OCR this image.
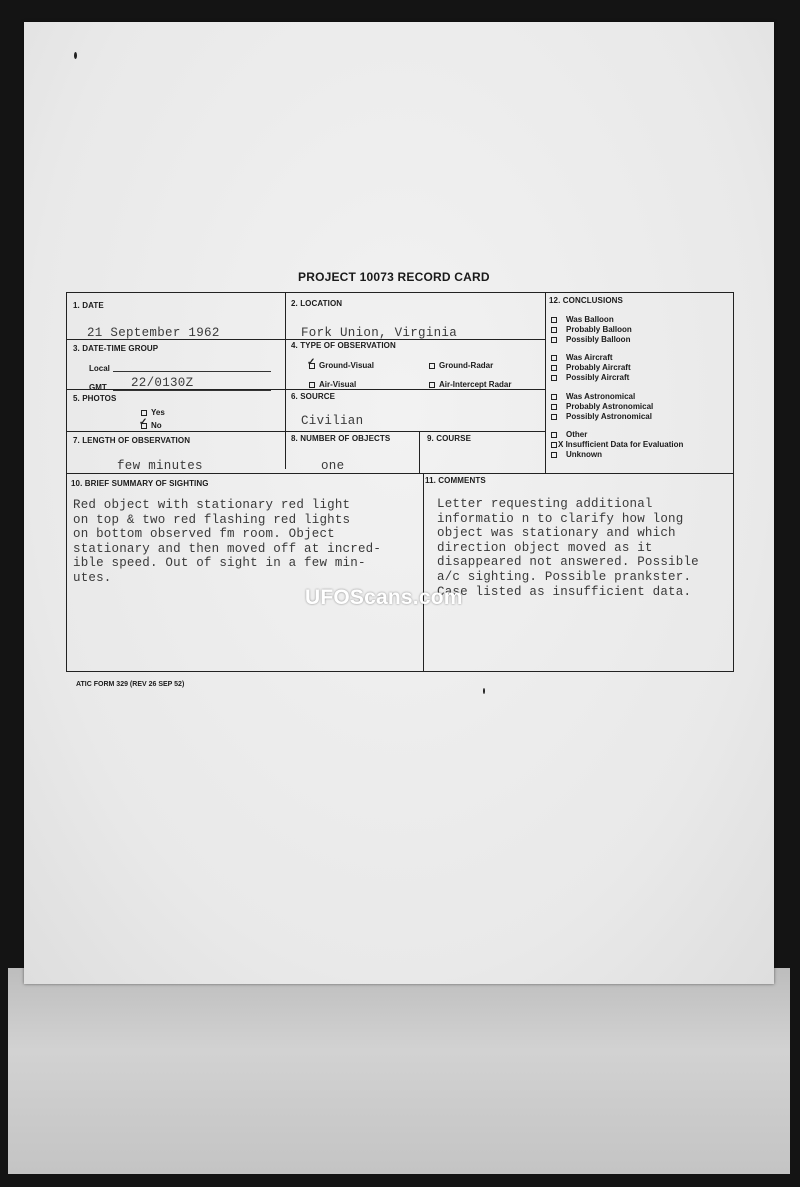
PROJECT 10073 RECORD CARD
1. DATE
21 September 1962
2. LOCATION
Fork Union, Virginia
3. DATE-TIME GROUP
Local
GMT 22/0130Z
4. TYPE OF OBSERVATION
Ground-Visual
✓	Ground-Radar
Air-Visual	Air-Intercept Radar
5. PHOTOS
Yes
No
✓
6. SOURCE
Civilian
7. LENGTH OF OBSERVATION
few minutes
8. NUMBER OF OBJECTS
one
9. COURSE
10. BRIEF SUMMARY OF SIGHTING
Red object with stationary red light
on top & two red flashing red lights
on bottom observed fm room. Object
stationary and then moved off at incred-
ible speed. Out of sight in a few min-
utes.
11. COMMENTS
Letter requesting additional
informatio n to clarify how long
object was stationary and which
direction object moved as it
disappeared not answered. Possible
a/c sighting. Possible prankster.
Case listed as insufficient data.
12. CONCLUSIONS
Was Balloon
Probably Balloon
Possibly Balloon
Was Aircraft
Probably Aircraft
Possibly Aircraft
Was Astronomical
Probably Astronomical
Possibly Astronomical
Other
X Insufficient Data for Evaluation
Unknown
ATIC FORM 329 (REV 26 SEP 52)
UFOScans.com
